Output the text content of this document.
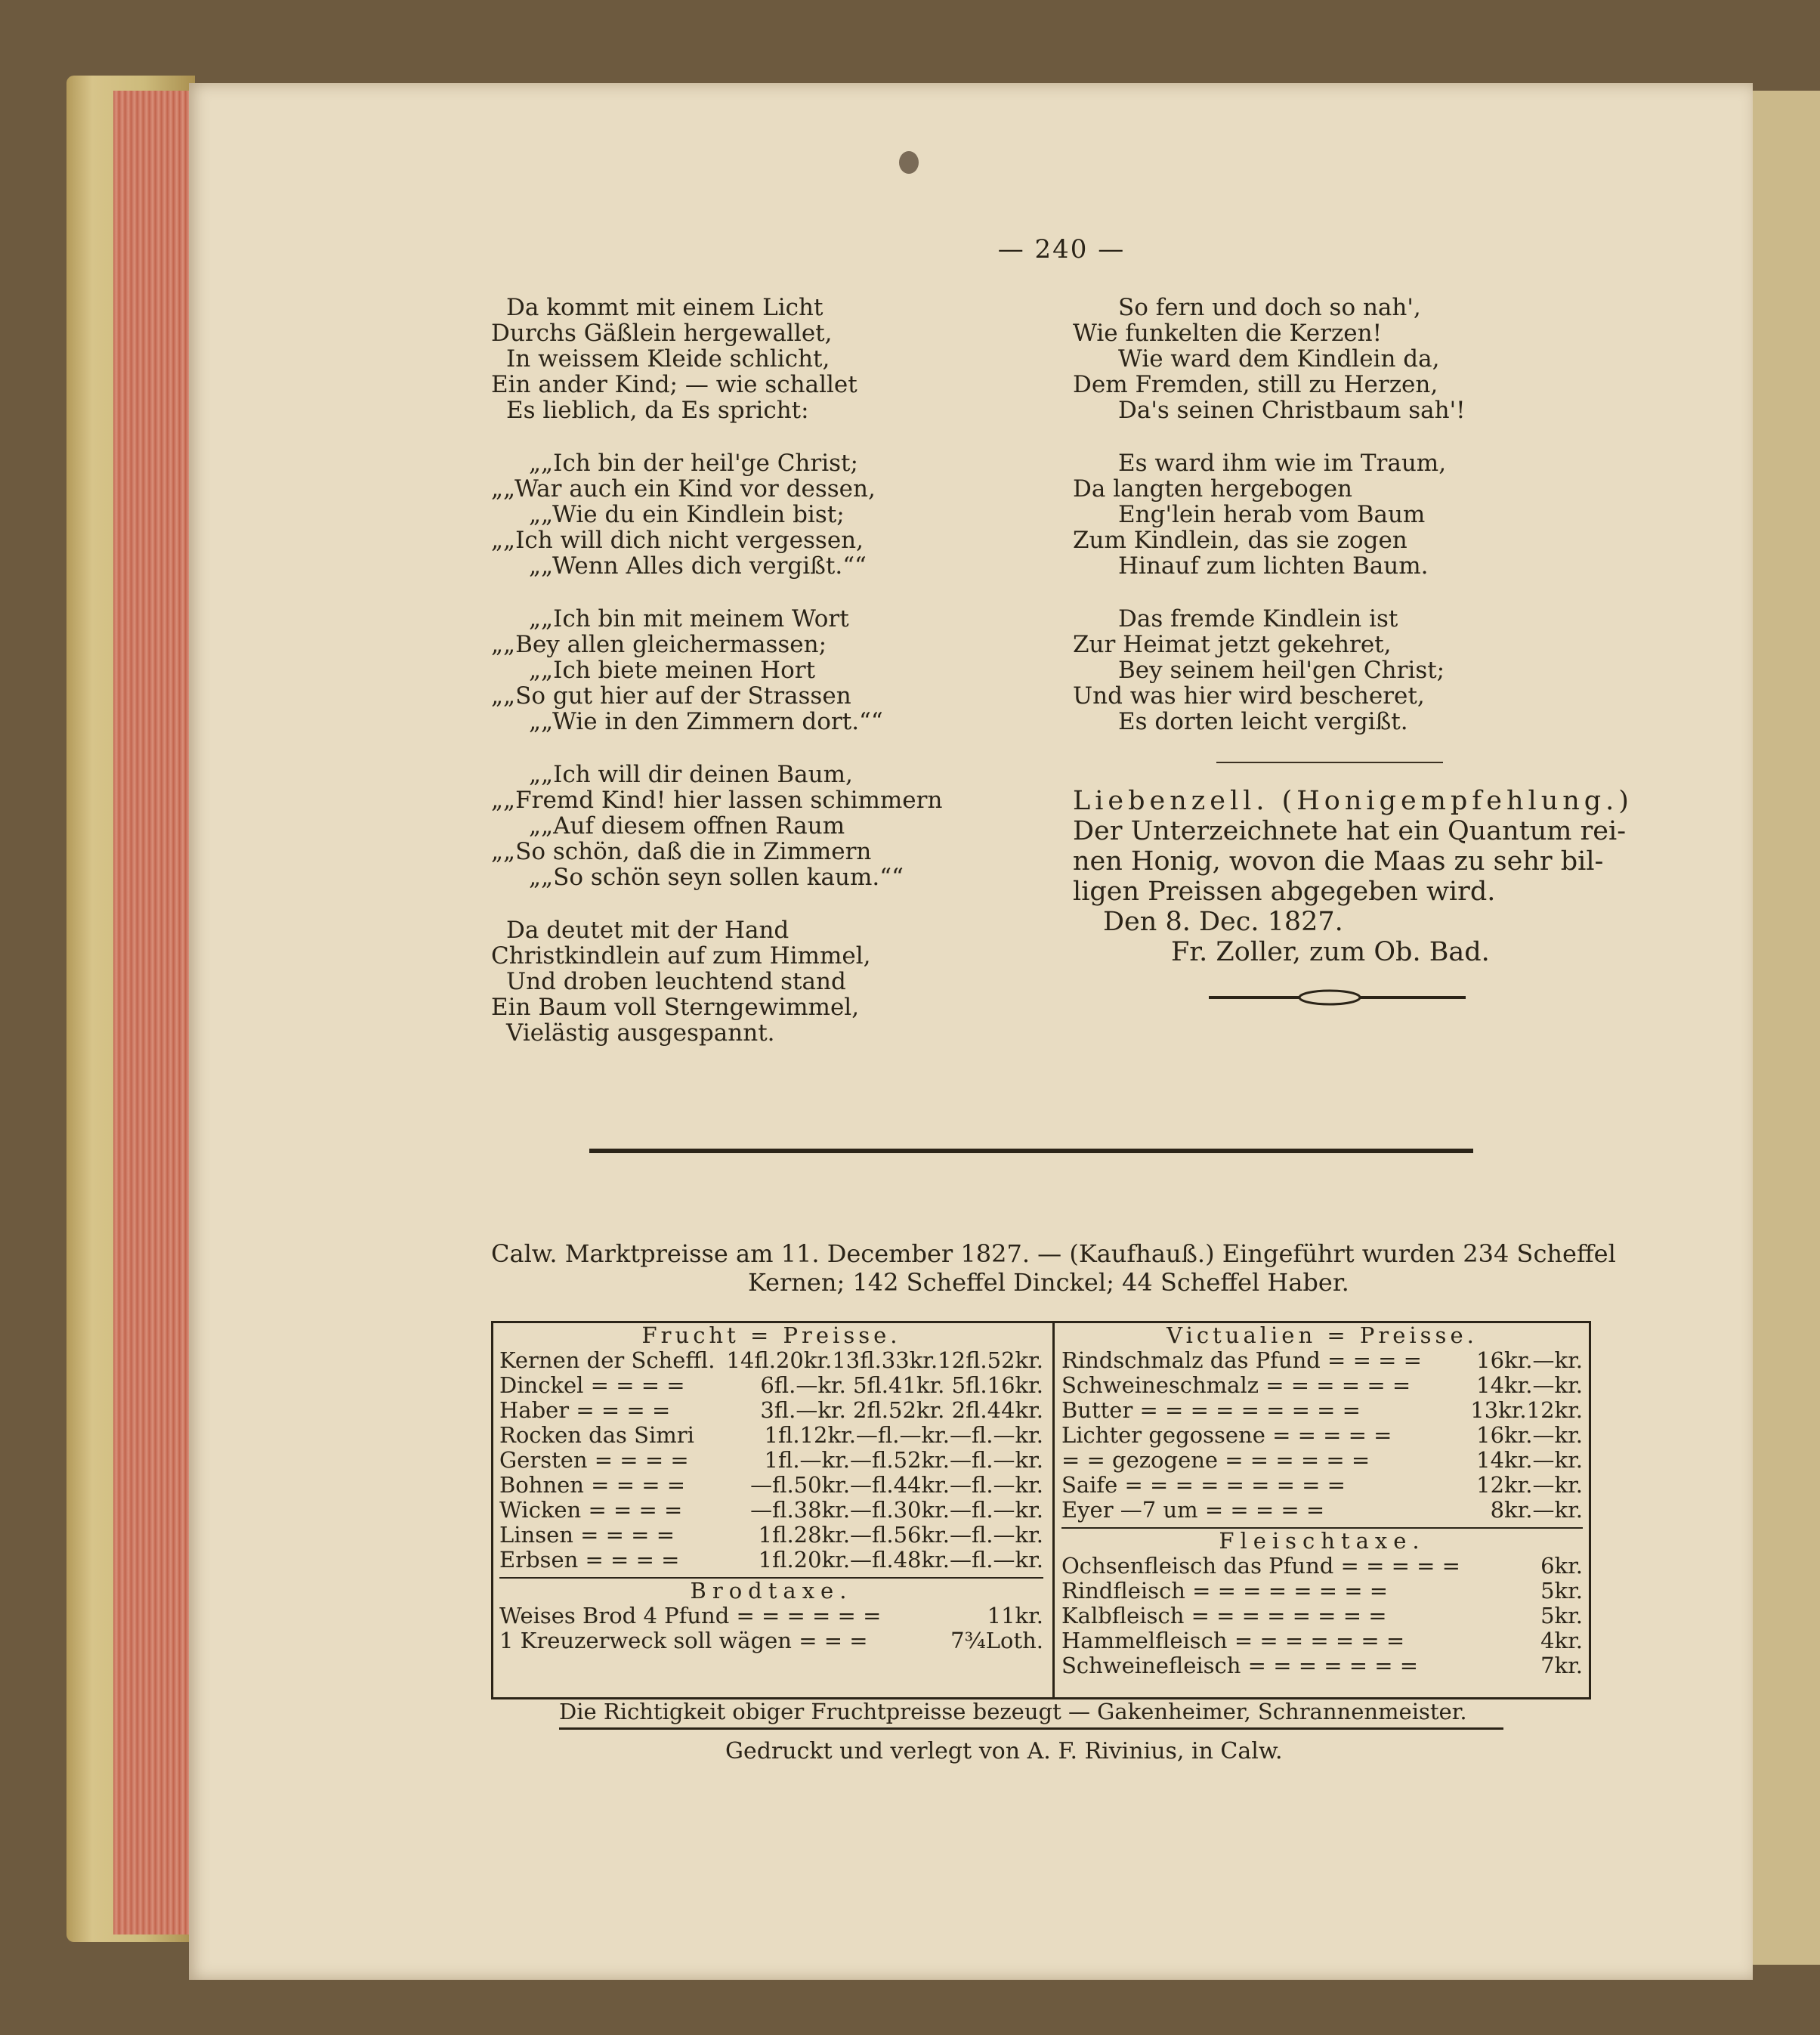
— 240 —
Da kommt mit einem Licht
Durchs Gäßlein hergewallet,
In weissem Kleide schlicht,
Ein ander Kind; — wie schallet
Es lieblich, da Es spricht:
„„Ich bin der heil'ge Christ;
„„War auch ein Kind vor dessen,
„„Wie du ein Kindlein bist;
„„Ich will dich nicht vergessen,
„„Wenn Alles dich vergißt.““
„„Ich bin mit meinem Wort
„„Bey allen gleichermassen;
„„Ich biete meinen Hort
„„So gut hier auf der Strassen
„„Wie in den Zimmern dort.““
„„Ich will dir deinen Baum,
„„Fremd Kind! hier lassen schimmern
„„Auf diesem offnen Raum
„„So schön, daß die in Zimmern
„„So schön seyn sollen kaum.““
Da deutet mit der Hand
Christkindlein auf zum Himmel,
Und droben leuchtend stand
Ein Baum voll Sterngewimmel,
Vielästig ausgespannt.
So fern und doch so nah',
Wie funkelten die Kerzen!
Wie ward dem Kindlein da,
Dem Fremden, still zu Herzen,
Da's seinen Christbaum sah'!
Es ward ihm wie im Traum,
Da langten hergebogen
Eng'lein herab vom Baum
Zum Kindlein, das sie zogen
Hinauf zum lichten Baum.
Das fremde Kindlein ist
Zur Heimat jetzt gekehret,
Bey seinem heil'gen Christ;
Und was hier wird bescheret,
Es dorten leicht vergißt.
Liebenzell. (Honigempfehlung.)
Der Unterzeichnete hat ein Quantum rei-
nen Honig, wovon die Maas zu sehr bil-
ligen Preissen abgegeben wird.
Den 8. Dec. 1827.
Fr. Zoller, zum Ob. Bad.
Calw. Marktpreisse am 11. December 1827. — (Kaufhauß.) Eingeführt wurden 234 Scheffel
Kernen; 142 Scheffel Dinckel; 44 Scheffel Haber.
Frucht = Preisse.
Kernen der Scheffl. 14fl.20kr.13fl.33kr.12fl.52kr.
Dinckel = = = =	6fl.—kr. 5fl.41kr. 5fl.16kr.
Haber = = = =	3fl.—kr. 2fl.52kr. 2fl.44kr.
Rocken das Simri	1fl.12kr.—fl.—kr.—fl.—kr.
Gersten = = = =	1fl.—kr.—fl.52kr.—fl.—kr.
Bohnen = = = =	—fl.50kr.—fl.44kr.—fl.—kr.
Wicken = = = =	—fl.38kr.—fl.30kr.—fl.—kr.
Linsen = = = =	1fl.28kr.—fl.56kr.—fl.—kr.
Erbsen = = = =	1fl.20kr.—fl.48kr.—fl.—kr.
Brodtaxe.
Weises Brod 4 Pfund = = = = = =	11kr.
1 Kreuzerweck soll wägen = = =	7¾Loth.
Victualien = Preisse.
Rindschmalz das Pfund = = = =	16kr.—kr.
Schweineschmalz = = = = = =	14kr.—kr.
Butter = = = = = = = = =	13kr.12kr.
Lichter gegossene = = = = =	16kr.—kr.
= = gezogene = = = = = =	14kr.—kr.
Saife = = = = = = = = =	12kr.—kr.
Eyer —7 um = = = = =	8kr.—kr.
Fleischtaxe.
Ochsenfleisch das Pfund = = = = =	6kr.
Rindfleisch = = = = = = = =	5kr.
Kalbfleisch = = = = = = = =	5kr.
Hammelfleisch = = = = = = =	4kr.
Schweinefleisch = = = = = = =	7kr.
Die Richtigkeit obiger Fruchtpreisse bezeugt — Gakenheimer, Schrannenmeister.
Gedruckt und verlegt von A. F. Rivinius, in Calw.
